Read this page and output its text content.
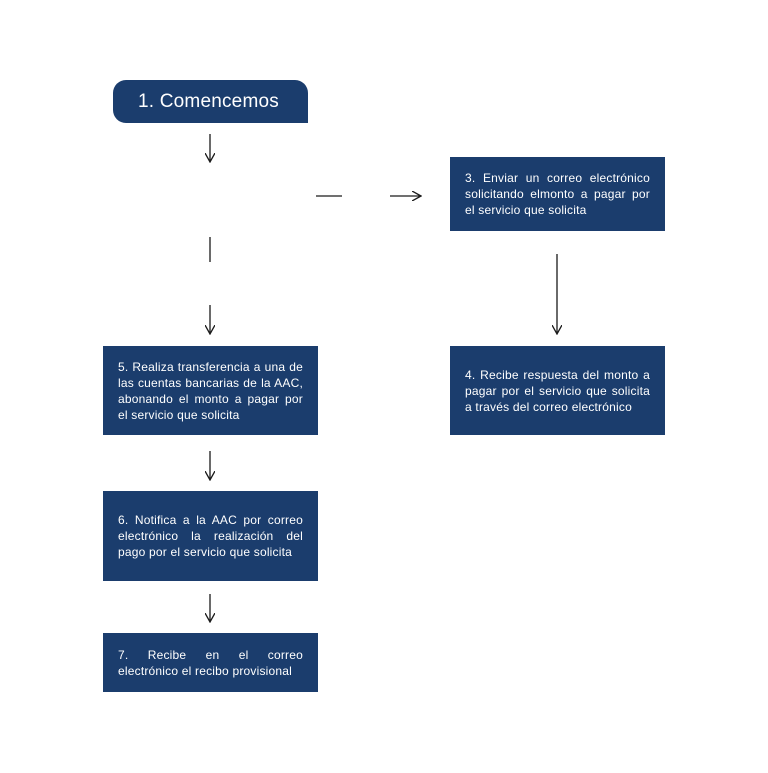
1. Comencemos
2. ¿Conozco el monto a pagar?	No
Si
3. Enviar un correo electrónico solicitando elmonto a pagar por el servicio que solicita
4. Recibe respuesta del monto a pagar por el servicio que solicita a través del correo electrónico
5. Realiza transferencia a una de las cuentas bancarias de la AAC, abonando el monto a pagar por el servicio que solicita
6. Notifica a la AAC por correo electrónico la realización del pago por el servicio que solicita
7. Recibe en el correo electrónico el recibo provisional
